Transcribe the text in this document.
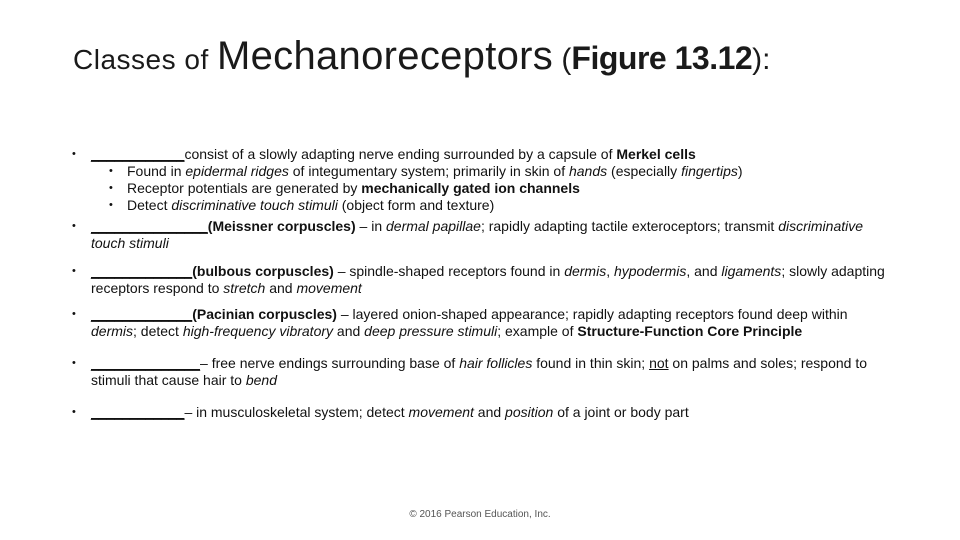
Classes of Mechanoreceptors (Figure 13.12):
•	____________consist of a slowly adapting nerve ending surrounded by a capsule of Merkel cells
• Found in epidermal ridges of integumentary system; primarily in skin of hands (especially fingertips)
• Receptor potentials are generated by mechanically gated ion channels
• Detect discriminative touch stimuli (object form and texture)
•	_______________(Meissner corpuscles) – in dermal papillae; rapidly adapting tactile exteroceptors; transmit discriminative touch stimuli
•	_____________(bulbous corpuscles) – spindle-shaped receptors found in dermis, hypodermis, and ligaments; slowly adapting receptors respond to stretch and movement
•	_____________(Pacinian corpuscles) – layered onion-shaped appearance; rapidly adapting receptors found deep within dermis; detect high-frequency vibratory and deep pressure stimuli; example of Structure-Function Core Principle
•	______________– free nerve endings surrounding base of hair follicles found in thin skin; not on palms and soles; respond to stimuli that cause hair to bend
•	____________– in musculoskeletal system; detect movement and position of a joint or body part
© 2016 Pearson Education, Inc.
